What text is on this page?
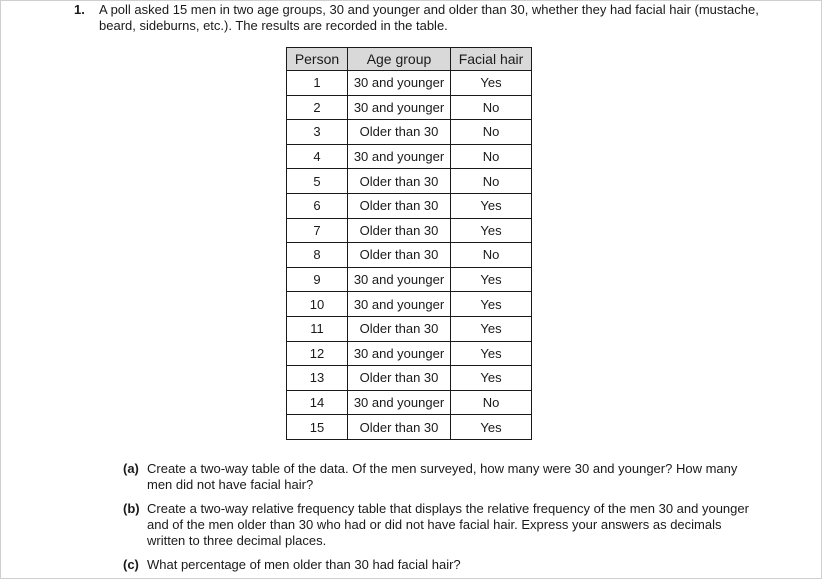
1. A poll asked 15 men in two age groups, 30 and younger and older than 30, whether they had facial hair (mustache, beard, sideburns, etc.). The results are recorded in the table.
Person	Age group	Facial hair
1	30 and younger	Yes
2	30 and younger	No
3	Older than 30	No
4	30 and younger	No
5	Older than 30	No
6	Older than 30	Yes
7	Older than 30	Yes
8	Older than 30	No
9	30 and younger	Yes
10	30 and younger	Yes
11	Older than 30	Yes
12	30 and younger	Yes
13	Older than 30	Yes
14	30 and younger	No
15	Older than 30	Yes
(a) Create a two-way table of the data. Of the men surveyed, how many were 30 and younger? How many men did not have facial hair?
(b) Create a two-way relative frequency table that displays the relative frequency of the men 30 and younger and of the men older than 30 who had or did not have facial hair. Express your answers as decimals written to three decimal places.
(c) What percentage of men older than 30 had facial hair?
